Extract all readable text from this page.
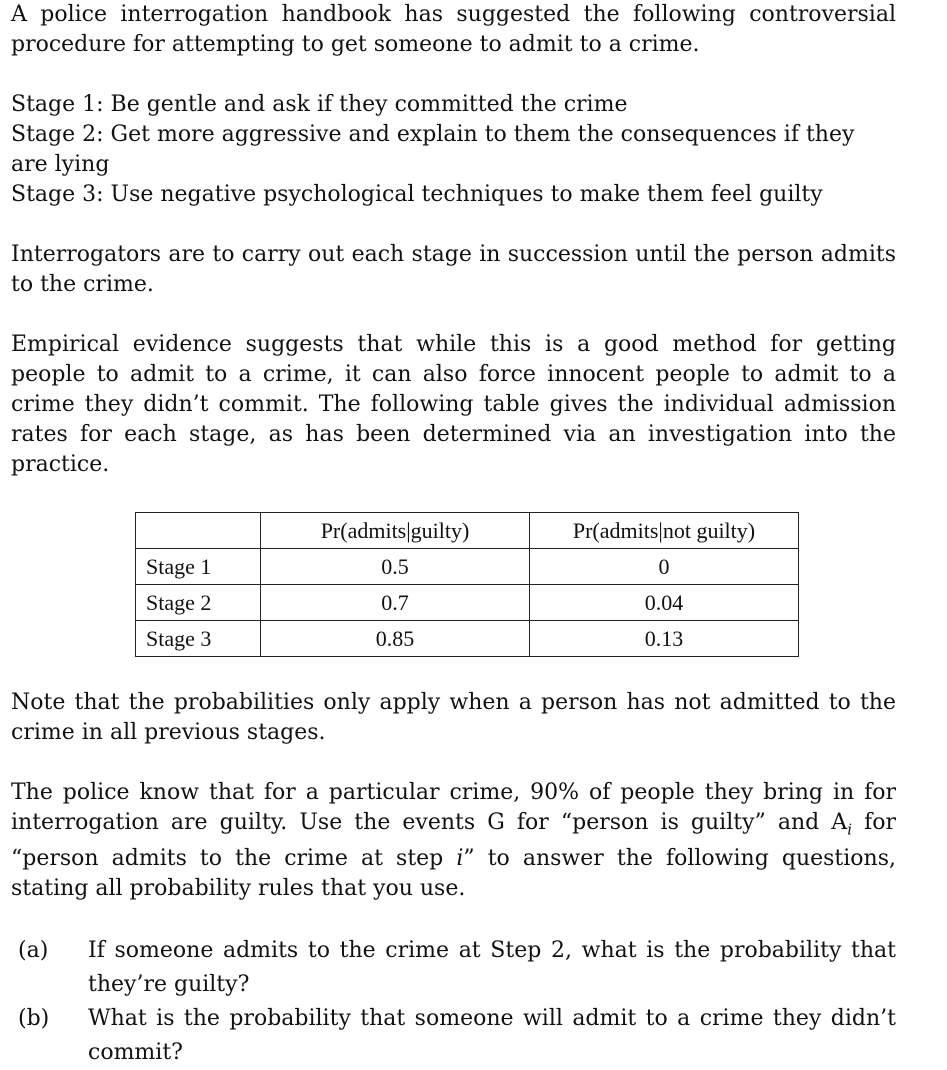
A police interrogation handbook has suggested the following controversial procedure for attempting to get someone to admit to a crime.

Stage 1: Be gentle and ask if they committed the crime

Stage 2: Get more aggressive and explain to them the consequences if they are lying

Stage 3: Use negative psychological techniques to make them feel guilty

Interrogators are to carry out each stage in succession until the person admits to the crime.

Empirical evidence suggests that while this is a good method for getting people to admit to a crime, it can also force innocent people to admit to a crime they didn’t commit. The following table gives the individual admission rates for each stage, as has been determined via an investigation into the practice.

	Pr(admits|guilty)	Pr(admits|not guilty)
Stage 1	0.5	0
Stage 2	0.7	0.04
Stage 3	0.85	0.13

Note that the probabilities only apply when a person has not admitted to the crime in all previous stages.

The police know that for a particular crime, 90% of people they bring in for interrogation are guilty. Use the events G for “person is guilty” and $A_i$ for “person admits to the crime at step i” to answer the following questions, stating all probability rules that you use.

(a)	If someone admits to the crime at Step 2, what is the probability that they’re guilty?
(b)	What is the probability that someone will admit to a crime they didn’t commit?
